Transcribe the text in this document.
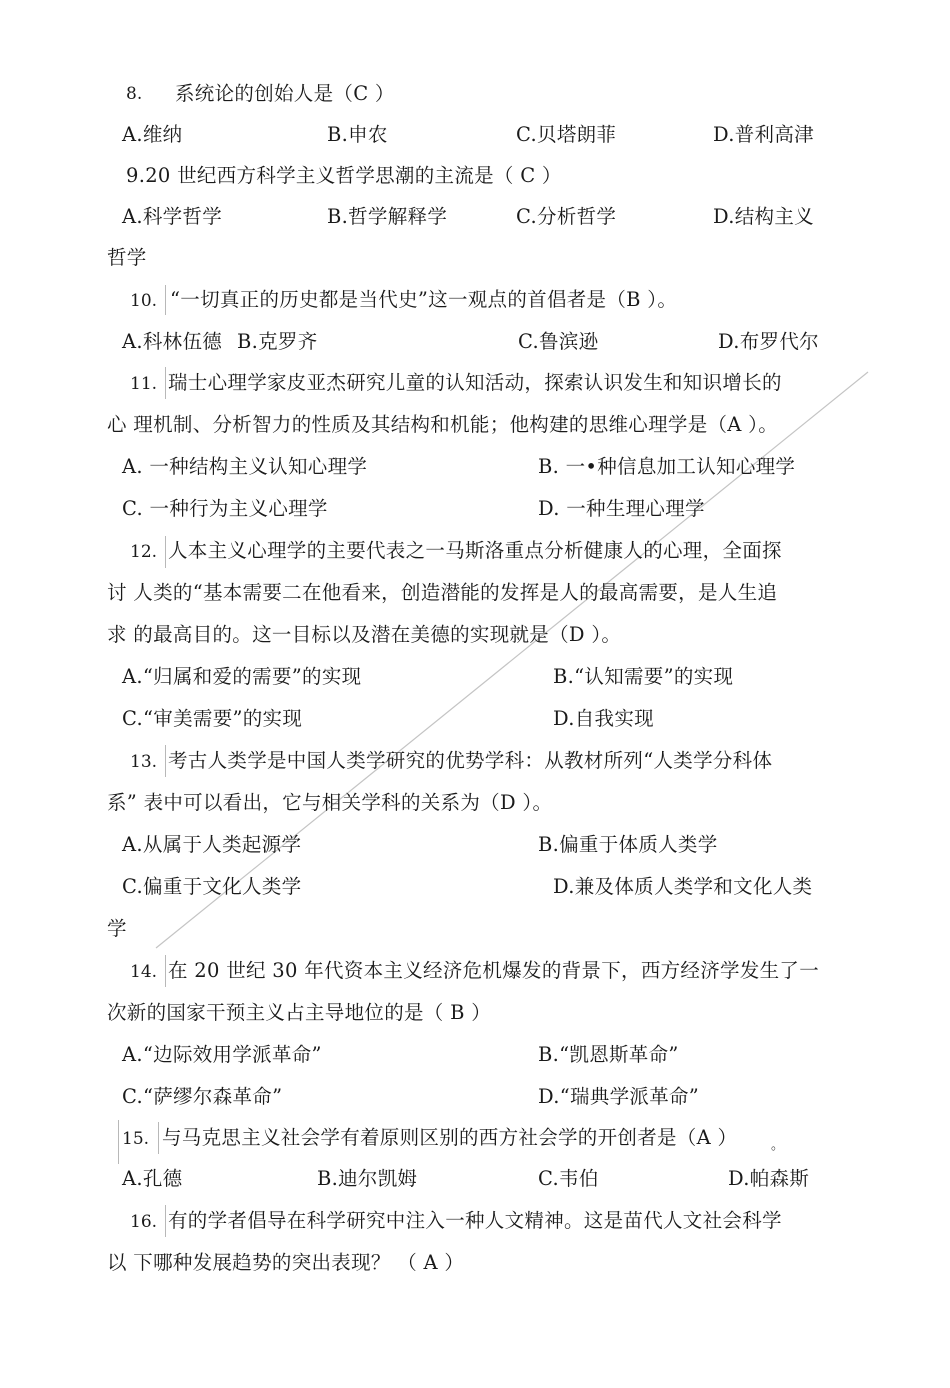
8. 系统论的创始人是（C ）
A.维纳	B.申农	C.贝塔朗菲	D.普利高津
9.20 世纪西方科学主义哲学思潮的主流是（ C ）
A.科学哲学	B.哲学解释学	C.分析哲学	D.结构主义
哲学
10. “一切真正的历史都是当代史”这一观点的首倡者是（B ）。
A.科林伍德 B.克罗齐	C.鲁滨逊	D.布罗代尔
11. 瑞士心理学家皮亚杰研究儿童的认知活动，探索认识发生和知识增长的
心 理机制、分析智力的性质及其结构和机能；他构建的思维心理学是（A ）。
A. 一种结构主义认知心理学	B. 一•种信息加工认知心理学
C. 一种行为主义心理学	D. 一种生理心理学
12. 人本主义心理学的主要代表之一马斯洛重点分析健康人的心理，全面探
讨 人类的“基本需要二在他看来，创造潜能的发挥是人的最高需要，是人生追
求 的最高目的。这一目标以及潜在美德的实现就是（D ）。
A.“归属和爱的需要”的实现	B.“认知需要”的实现
C.“审美需要”的实现	D.自我实现
13. 考古人类学是中国人类学研究的优势学科：从教材所列“人类学分科体
系” 表中可以看出，它与相关学科的关系为（D ）。
A.从属于人类起源学	B.偏重于体质人类学
C.偏重于文化人类学	D.兼及体质人类学和文化人类
学
14. 在 20 世纪 30 年代资本主义经济危机爆发的背景下，西方经济学发生了一
次新的国家干预主义占主导地位的是（ B ）
A.“边际效用学派革命”	B.“凯恩斯革命”
C.“萨缪尔森革命”	D.“瑞典学派革命”
15. 与马克思主义社会学有着原则区别的西方社会学的开创者是（A ）	。
A.孔德	B.迪尔凯姆	C.韦伯	D.帕森斯
16. 有的学者倡导在科学研究中注入一种人文精神。这是苗代人文社会科学
以 下哪种发展趋势的突出表现？ （ A ）
